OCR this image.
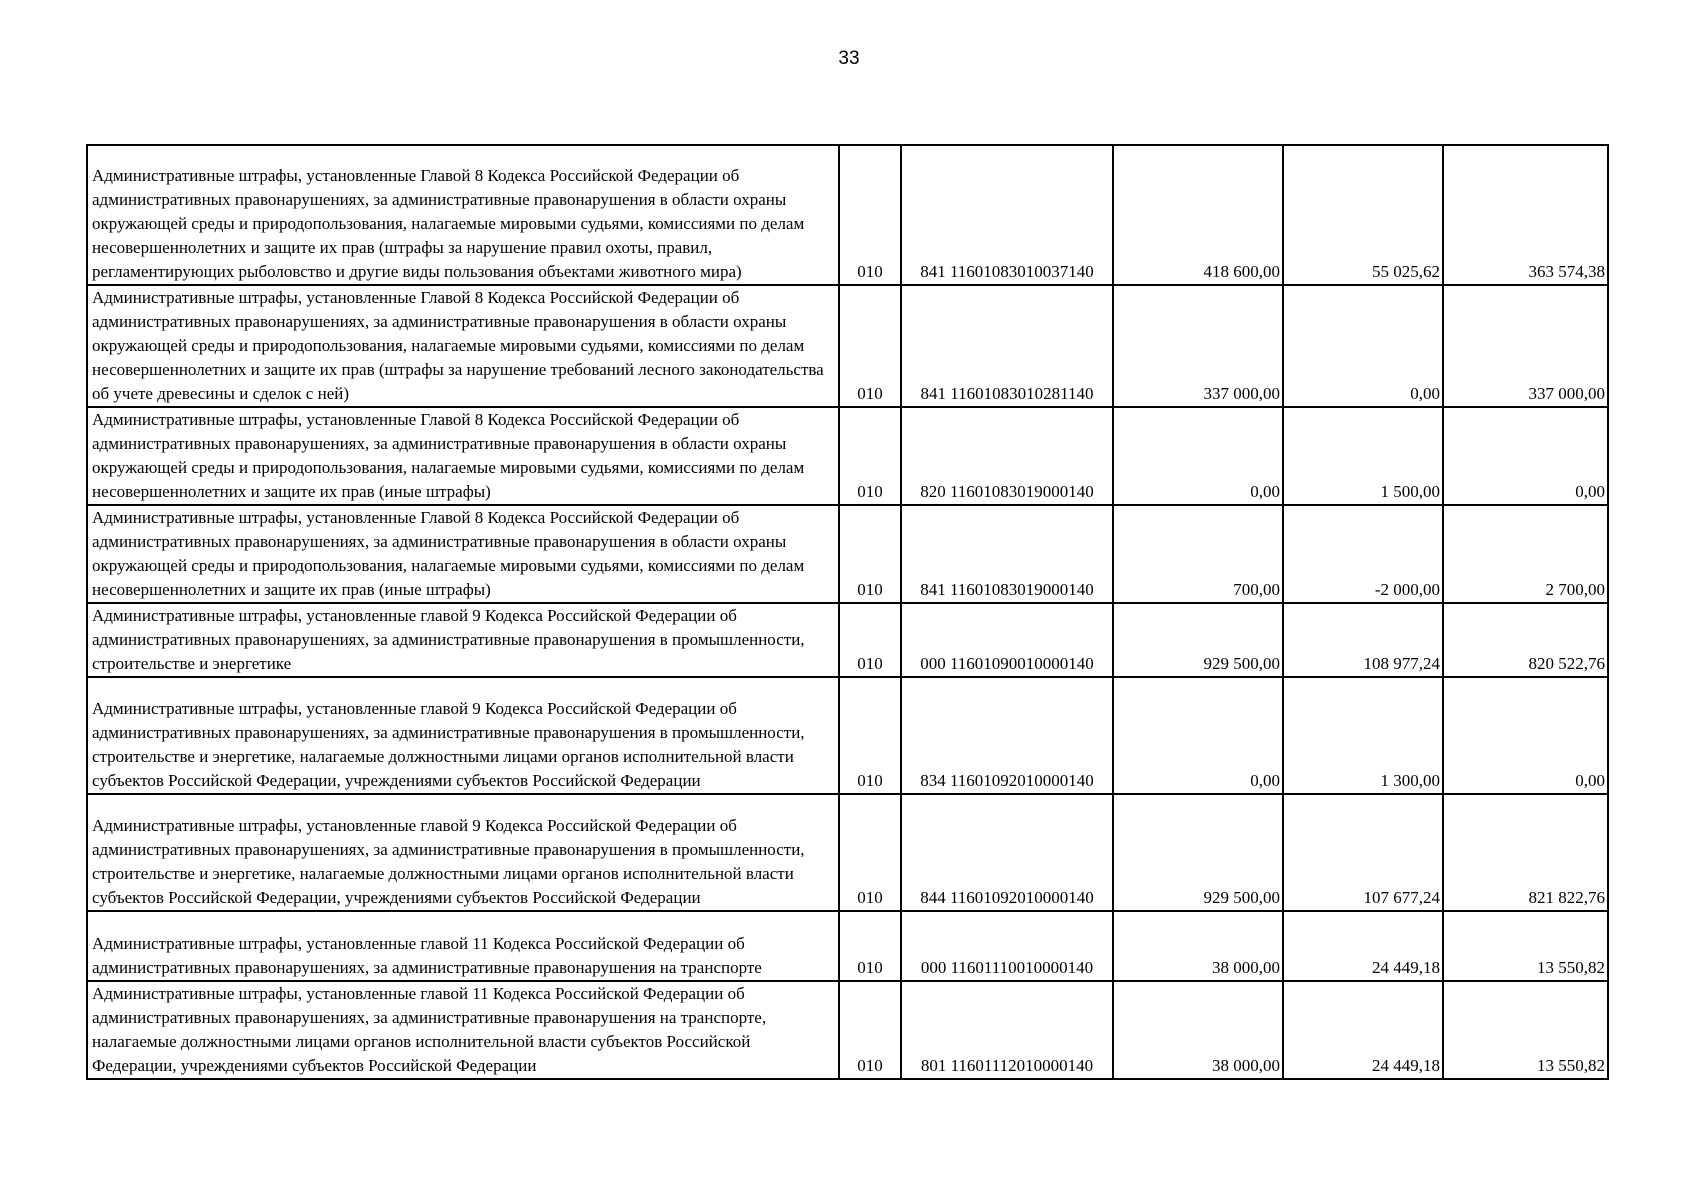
33
Административные штрафы, установленные Главой 8 Кодекса Российской Федерации об административных правонарушениях, за административные правонарушения в области охраны окружающей среды и природопользования, налагаемые мировыми судьями, комиссиями по делам несовершеннолетних и защите их прав (штрафы за нарушение правил охоты, правил, регламентирующих рыболовство и другие виды пользования объектами животного мира)	010	841 11601083010037140	418 600,00	55 025,62	363 574,38

Административные штрафы, установленные Главой 8 Кодекса Российской Федерации об административных правонарушениях, за административные правонарушения в области охраны окружающей среды и природопользования, налагаемые мировыми судьями, комиссиями по делам несовершеннолетних и защите их прав (штрафы за нарушение требований лесного законодательства об учете древесины и сделок с ней)	010	841 11601083010281140	337 000,00	0,00	337 000,00

Административные штрафы, установленные Главой 8 Кодекса Российской Федерации об административных правонарушениях, за административные правонарушения в области охраны окружающей среды и природопользования, налагаемые мировыми судьями, комиссиями по делам несовершеннолетних и защите их прав (иные штрафы)	010	820 11601083019000140	0,00	1 500,00	0,00

Административные штрафы, установленные Главой 8 Кодекса Российской Федерации об административных правонарушениях, за административные правонарушения в области охраны окружающей среды и природопользования, налагаемые мировыми судьями, комиссиями по делам несовершеннолетних и защите их прав (иные штрафы)	010	841 11601083019000140	700,00	-2 000,00	2 700,00

Административные штрафы, установленные главой 9 Кодекса Российской Федерации об административных правонарушениях, за административные правонарушения в промышленности, строительстве и энергетике	010	000 11601090010000140	929 500,00	108 977,24	820 522,76

Административные штрафы, установленные главой 9 Кодекса Российской Федерации об административных правонарушениях, за административные правонарушения в промышленности, строительстве и энергетике, налагаемые должностными лицами органов исполнительной власти субъектов Российской Федерации, учреждениями субъектов Российской Федерации	010	834 11601092010000140	0,00	1 300,00	0,00

Административные штрафы, установленные главой 9 Кодекса Российской Федерации об административных правонарушениях, за административные правонарушения в промышленности, строительстве и энергетике, налагаемые должностными лицами органов исполнительной власти субъектов Российской Федерации, учреждениями субъектов Российской Федерации	010	844 11601092010000140	929 500,00	107 677,24	821 822,76

Административные штрафы, установленные главой 11 Кодекса Российской Федерации об административных правонарушениях, за административные правонарушения на транспорте	010	000 11601110010000140	38 000,00	24 449,18	13 550,82

Административные штрафы, установленные главой 11 Кодекса Российской Федерации об административных правонарушениях, за административные правонарушения на транспорте, налагаемые должностными лицами органов исполнительной власти субъектов Российской Федерации, учреждениями субъектов Российской Федерации	010	801 11601112010000140	38 000,00	24 449,18	13 550,82
